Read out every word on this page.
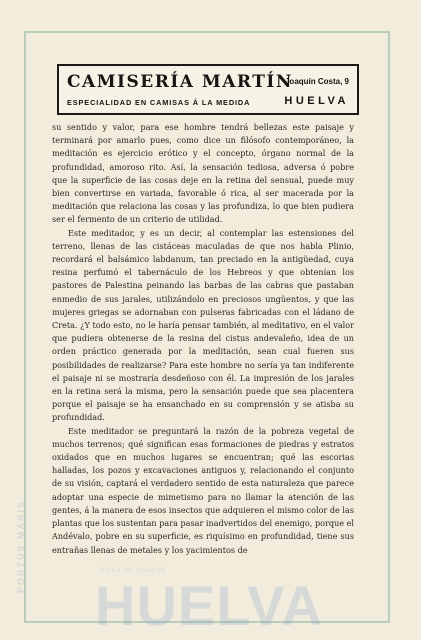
CAMISERÍA MARTÍN
Joaquín Costa, 9
ESPECIALIDAD EN CAMISAS Á LA MEDIDA	HUELVA

su sentido y valor, para ese hombre tendrá bellezas este paisaje y terminará por amarlo pues, como dice un filósofo contemporáneo, la meditación es ejercicio erótico y el concepto, órgano normal de la profundidad, amoroso rito. Así, la sensación tediosa, adversa ó pobre que la superficie de las cosas deje en la retina del sensual, puede muy bien convertirse en variada, favorable ó rica, al ser macerada por la meditación que relaciona las cosas y las profundiza, lo que bien pudiera ser el fermento de un criterio de utilidad.

Este meditador, y es un decir, al contemplar las estensiones del terreno, llenas de las cistáceas maculadas de que nos habla Plinio, recordará el balsámico labdanum, tan preciado en la antigüedad, cuya resina perfumó el tabernáculo de los Hebreos y que obtenían los pastores de Palestina peinando las barbas de las cabras que pastaban enmedio de sus jarales, utilizándolo en preciosos ungüentos, y que las mujeres griegas se adornaban con pulseras fabricadas con el ládano de Creta. ¿Y todo esto, no le haría pensar también, al meditativo, en el valor que pudiera obtenerse de la resina del cistus andevaleño, idea de un orden práctico generada por la meditación, sean cual fueren sus posibilidades de realizarse? Para este hombre no sería ya tan indiferente el paisaje ni se mostraría desdeñoso con él. La impresión de los jarales en la retina será la misma, pero la sensación puede que sea placentera porque el paisaje se ha ensanchado en su comprensión y se atisba su profundidad.

Este meditador se preguntará la razón de la pobreza vegetal de muchos terrenos; qué significan esas formaciones de piedras y estratos oxidados que en muchos lugares se encuentran; qué las escorias halladas, los pozos y excavaciones antiguos y, relacionando el conjunto de su visión, captará el verdadero sentido de esta naturaleza que parece adoptar una especie de mimetismo para no llamar la atención de las gentes, á la manera de esos insectos que adquieren el mismo color de las plantas que los sustentan para pasar inadvertidos del enemigo, porque el Andévalo, pobre en su superficie, es riquísimo en profundidad, tiene sus entrañas llenas de metales y los yacimientos de

PORTUS MARIS	VILLA DE HUELVA
HUELVA
